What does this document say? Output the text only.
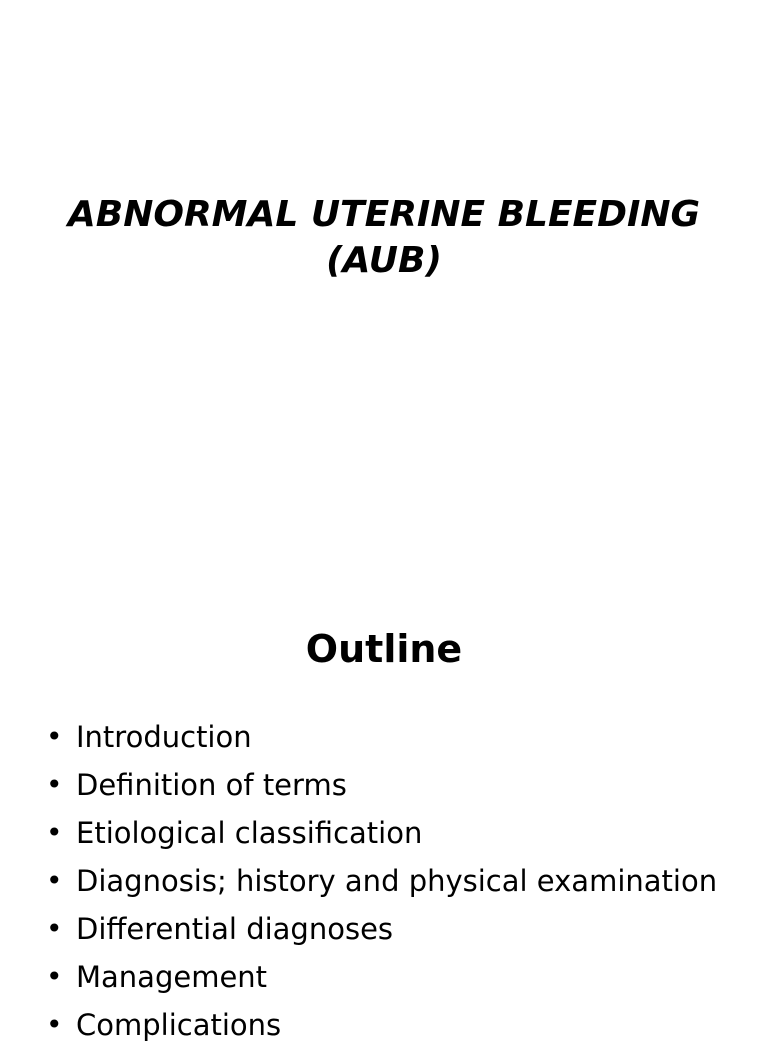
ABNORMAL UTERINE BLEEDING
(AUB)
Outline
• Introduction
• Definition of terms
• Etiological classification
• Diagnosis; history and physical examination
• Differential diagnoses
• Management
• Complications
